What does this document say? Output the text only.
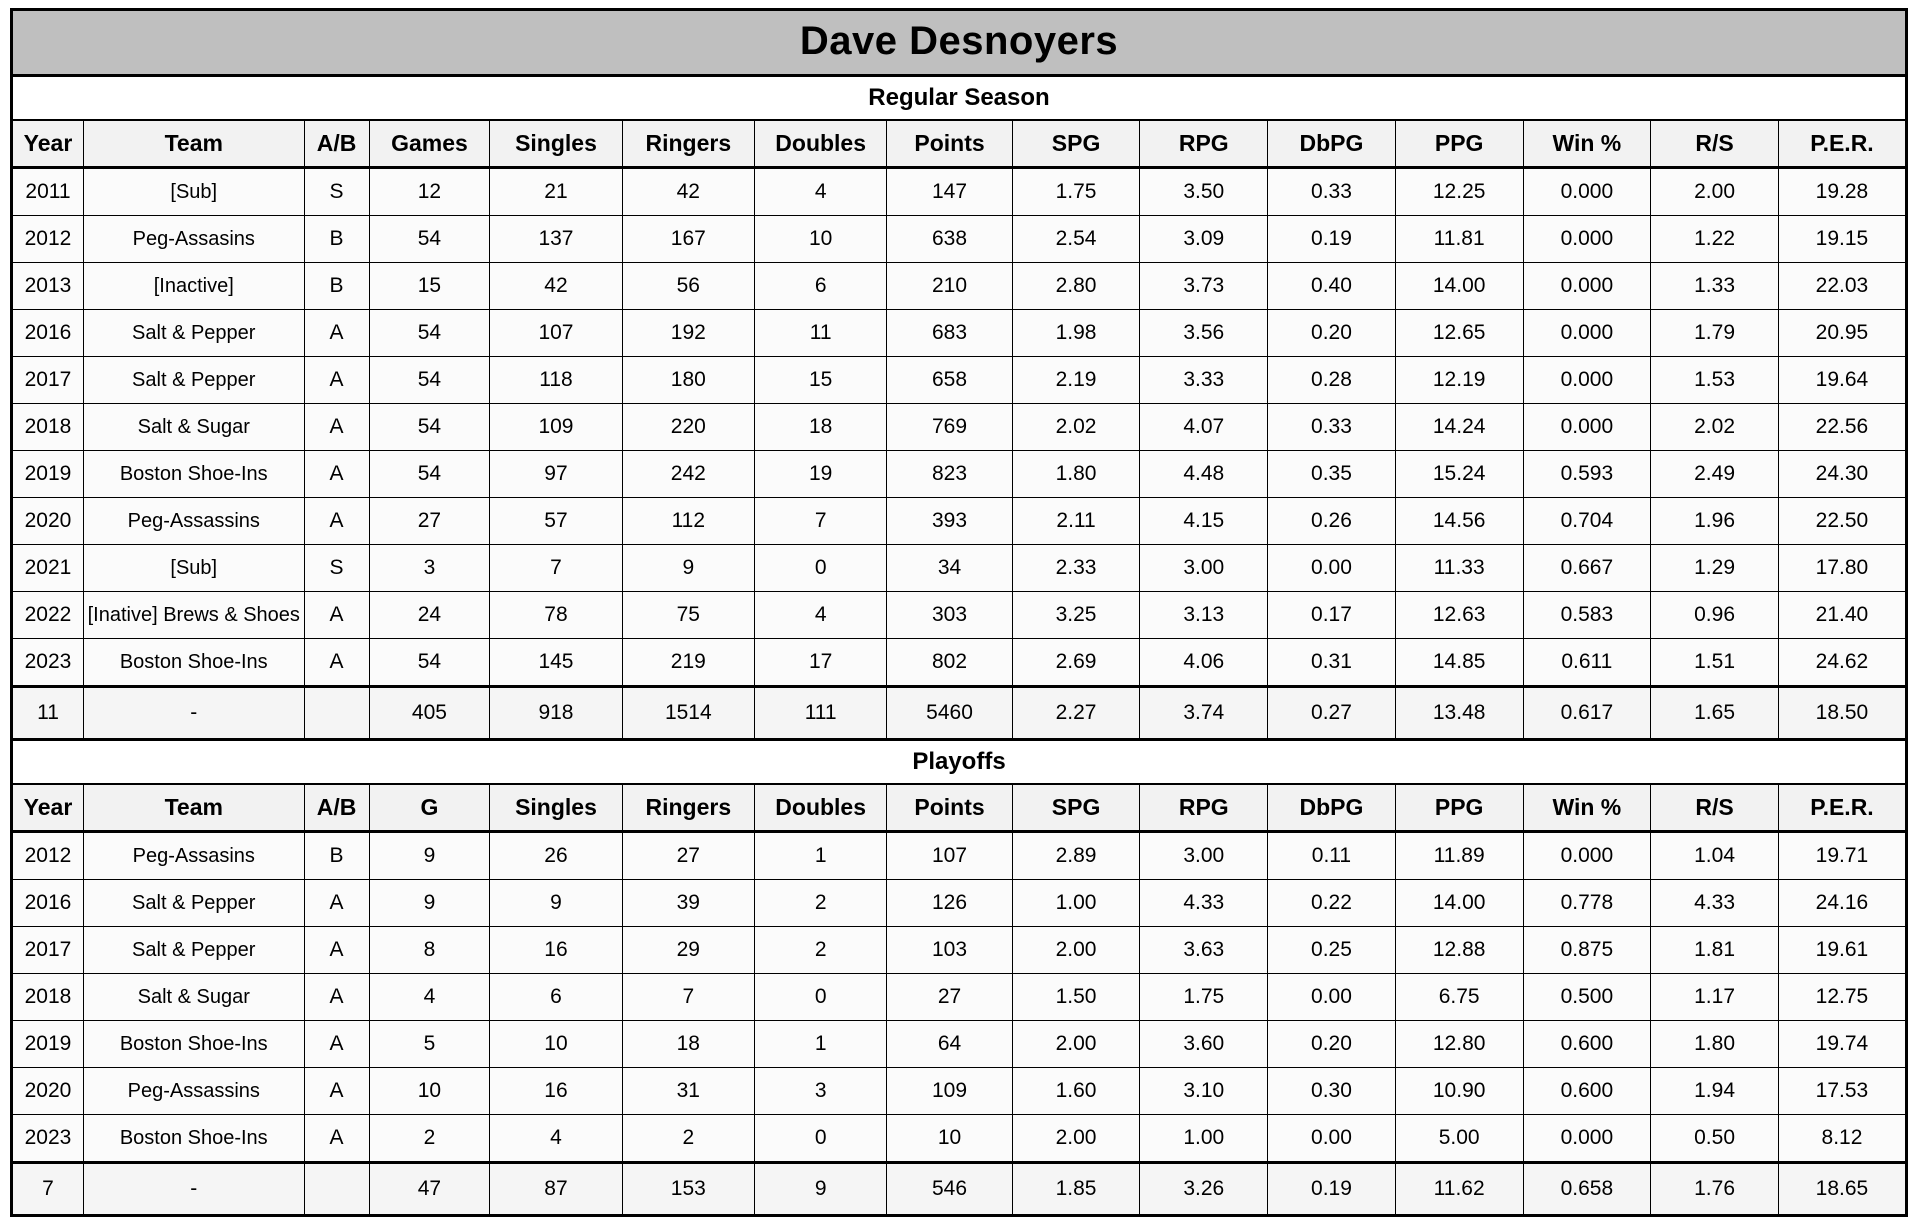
Dave Desnoyers														
Regular Season														
Year	Team	A/B	Games	Singles	Ringers	Doubles	Points	SPG	RPG	DbPG	PPG	Win %	R/S	P.E.R.
2011	[Sub]	S	12	21	42	4	147	1.75	3.50	0.33	12.25	0.000	2.00	19.28
2012	Peg-Assasins	B	54	137	167	10	638	2.54	3.09	0.19	11.81	0.000	1.22	19.15
2013	[Inactive]	B	15	42	56	6	210	2.80	3.73	0.40	14.00	0.000	1.33	22.03
2016	Salt & Pepper	A	54	107	192	11	683	1.98	3.56	0.20	12.65	0.000	1.79	20.95
2017	Salt & Pepper	A	54	118	180	15	658	2.19	3.33	0.28	12.19	0.000	1.53	19.64
2018	Salt & Sugar	A	54	109	220	18	769	2.02	4.07	0.33	14.24	0.000	2.02	22.56
2019	Boston Shoe-Ins	A	54	97	242	19	823	1.80	4.48	0.35	15.24	0.593	2.49	24.30
2020	Peg-Assassins	A	27	57	112	7	393	2.11	4.15	0.26	14.56	0.704	1.96	22.50
2021	[Sub]	S	3	7	9	0	34	2.33	3.00	0.00	11.33	0.667	1.29	17.80
2022	[Inative] Brews & Shoes	A	24	78	75	4	303	3.25	3.13	0.17	12.63	0.583	0.96	21.40
2023	Boston Shoe-Ins	A	54	145	219	17	802	2.69	4.06	0.31	14.85	0.611	1.51	24.62
11	-		405	918	1514	111	5460	2.27	3.74	0.27	13.48	0.617	1.65	18.50
Playoffs														
Year	Team	A/B	G	Singles	Ringers	Doubles	Points	SPG	RPG	DbPG	PPG	Win %	R/S	P.E.R.
2012	Peg-Assasins	B	9	26	27	1	107	2.89	3.00	0.11	11.89	0.000	1.04	19.71
2016	Salt & Pepper	A	9	9	39	2	126	1.00	4.33	0.22	14.00	0.778	4.33	24.16
2017	Salt & Pepper	A	8	16	29	2	103	2.00	3.63	0.25	12.88	0.875	1.81	19.61
2018	Salt & Sugar	A	4	6	7	0	27	1.50	1.75	0.00	6.75	0.500	1.17	12.75
2019	Boston Shoe-Ins	A	5	10	18	1	64	2.00	3.60	0.20	12.80	0.600	1.80	19.74
2020	Peg-Assassins	A	10	16	31	3	109	1.60	3.10	0.30	10.90	0.600	1.94	17.53
2023	Boston Shoe-Ins	A	2	4	2	0	10	2.00	1.00	0.00	5.00	0.000	0.50	8.12
7	-		47	87	153	9	546	1.85	3.26	0.19	11.62	0.658	1.76	18.65
